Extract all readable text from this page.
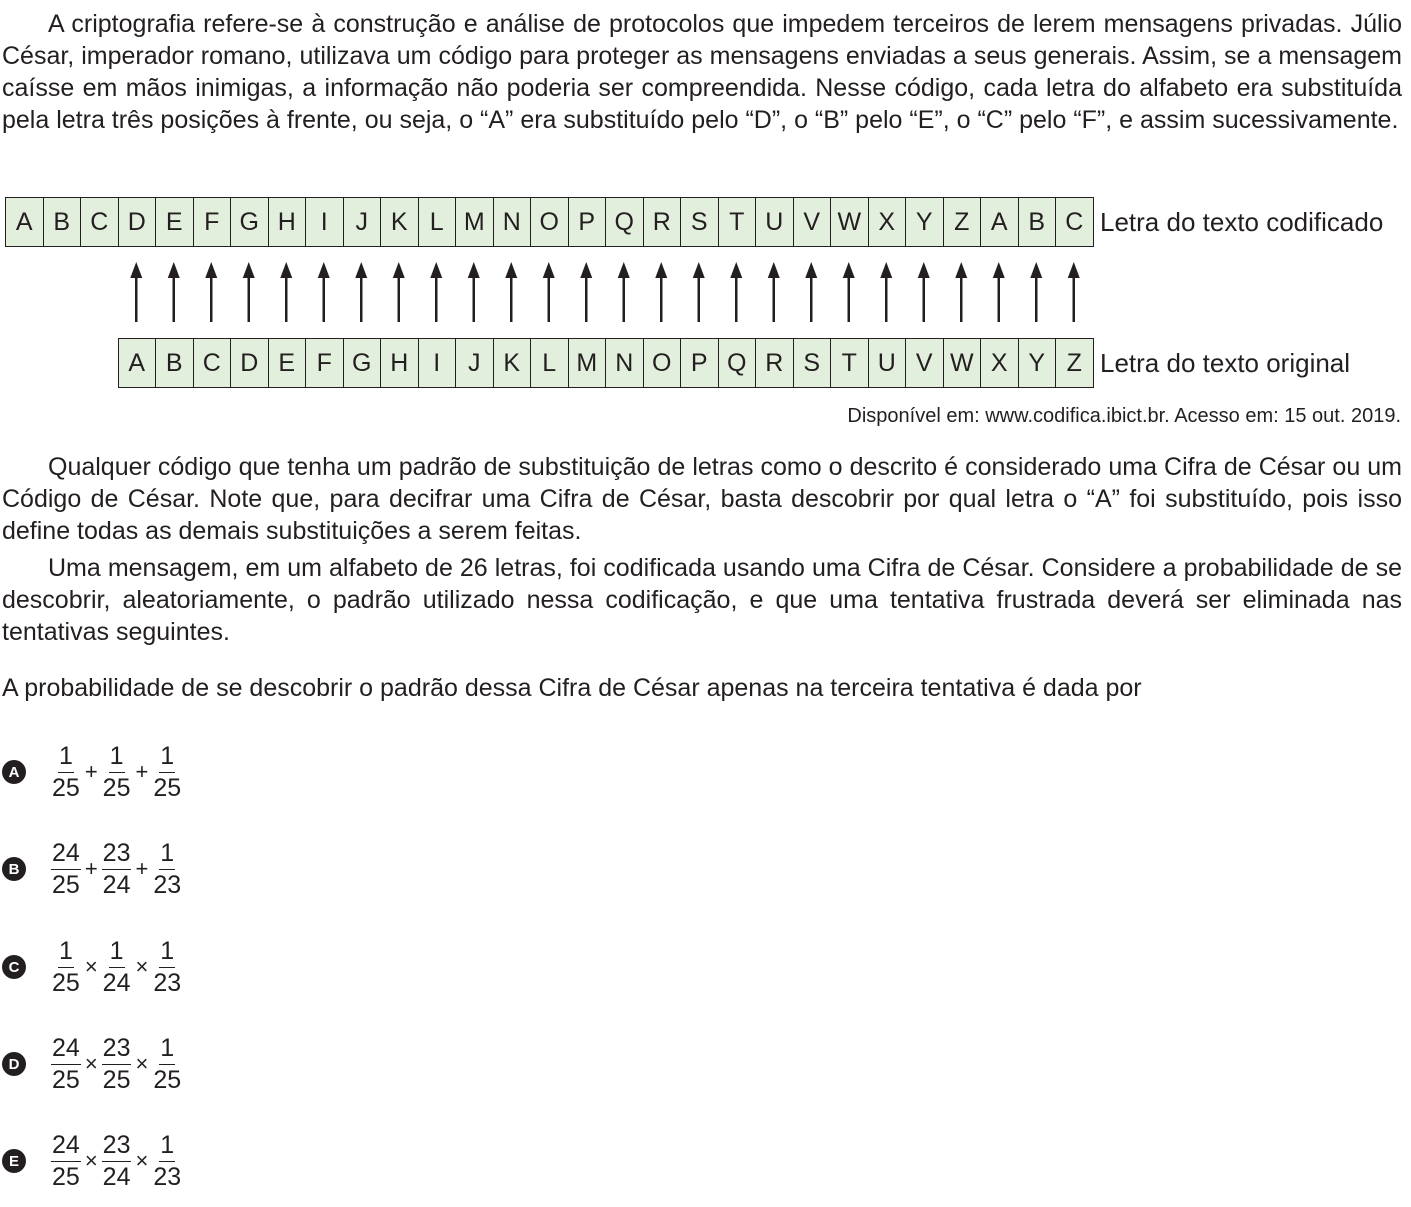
A criptografia refere-se à construção e análise de protocolos que impedem terceiros de lerem mensagens privadas. Júlio César, imperador romano, utilizava um código para proteger as mensagens enviadas a seus generais. Assim, se a mensagem caísse em mãos inimigas, a informação não poderia ser compreendida. Nesse código, cada letra do alfabeto era substituída pela letra três posições à frente, ou seja, o “A” era substituído pelo “D”, o “B” pelo “E”, o “C” pelo “F”, e assim sucessivamente.

A B C D E F G H I	J K L M N O P Q R S T U V W X Y Z A B C Letra do texto codificado
A B C D E F G H I	J K L M N O P Q R S T U V W X Y Z Letra do texto original
Disponível em: www.codifica.ibict.br. Acesso em: 15 out. 2019.

Qualquer código que tenha um padrão de substituição de letras como o descrito é considerado uma Cifra de César ou um Código de César. Note que, para decifrar uma Cifra de César, basta descobrir por qual letra o “A” foi substituído, pois isso define todas as demais substituições a serem feitas.

Uma mensagem, em um alfabeto de 26 letras, foi codificada usando uma Cifra de César. Considere a probabilidade de se descobrir, aleatoriamente, o padrão utilizado nessa codificação, e que uma tentativa frustrada deverá ser eliminada nas tentativas seguintes.

A probabilidade de se descobrir o padrão dessa Cifra de César apenas na terceira tentativa é dada por

A $\frac{1}{25} + \frac{1}{25} + \frac{1}{25}$
B $\frac{24}{25} + \frac{23}{24} + \frac{1}{23}$
C $\frac{1}{25} \times \frac{1}{24} \times \frac{1}{23}$
D $\frac{24}{25} \times \frac{23}{25} \times \frac{1}{25}$
E $\frac{24}{25} \times \frac{23}{24} \times \frac{1}{23}$
